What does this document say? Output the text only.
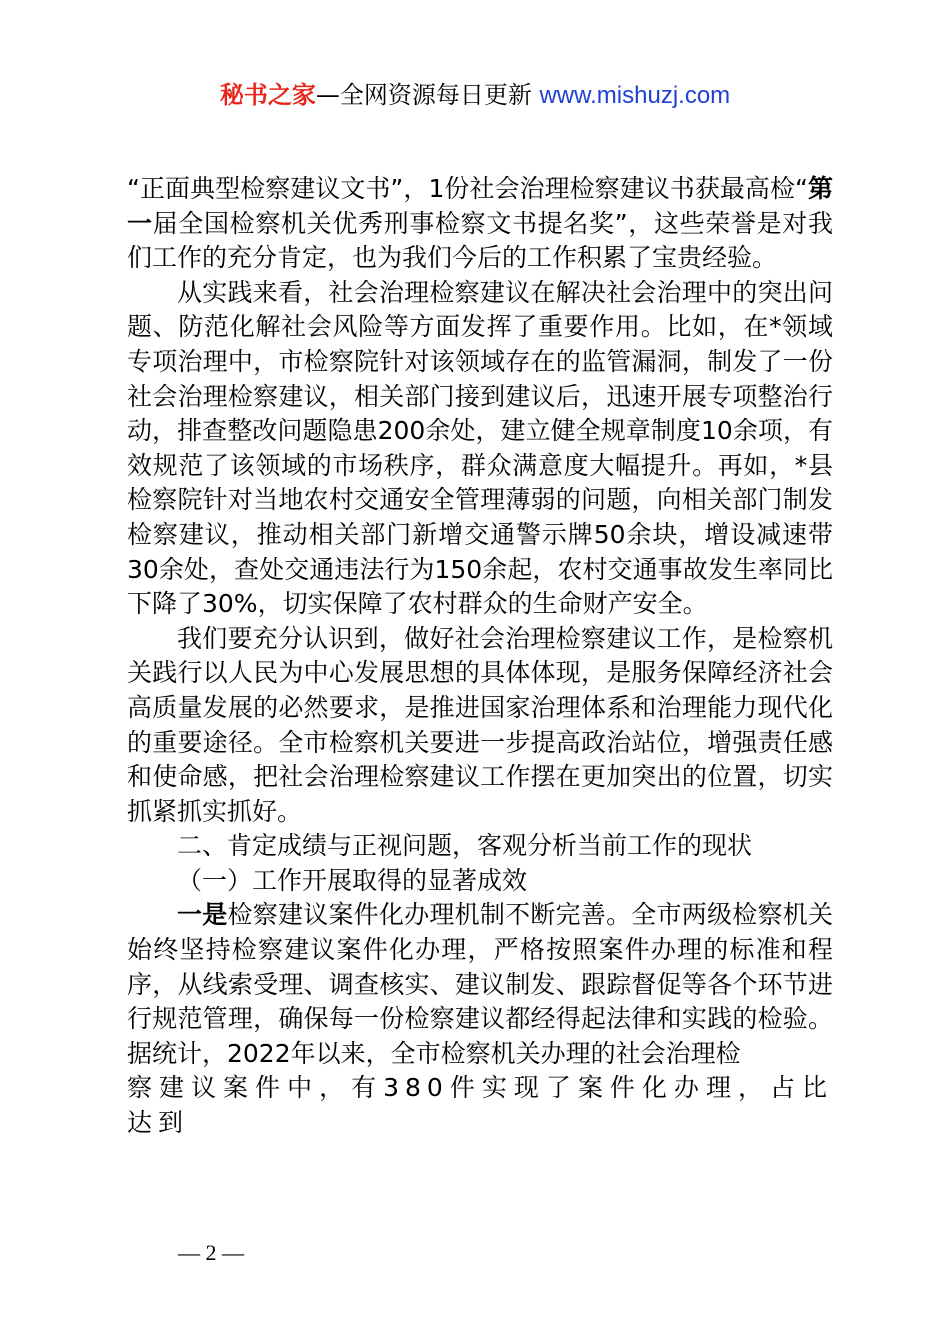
秘书之家—全网资源每日更新 www.mishuzj.com

“正面典型检察建议文书”，1份社会治理检察建议书获最高检“第一届全国检察机关优秀刑事检察文书提名奖”，这些荣誉是对我们工作的充分肯定，也为我们今后的工作积累了宝贵经验。

从实践来看，社会治理检察建议在解决社会治理中的突出问题、防范化解社会风险等方面发挥了重要作用。比如，在*领域专项治理中，市检察院针对该领域存在的监管漏洞，制发了一份社会治理检察建议，相关部门接到建议后，迅速开展专项整治行动，排查整改问题隐患200余处，建立健全规章制度10余项，有效规范了该领域的市场秩序，群众满意度大幅提升。再如，*县检察院针对当地农村交通安全管理薄弱的问题，向相关部门制发检察建议，推动相关部门新增交通警示牌50余块，增设减速带30余处，查处交通违法行为150余起，农村交通事故发生率同比下降了30%，切实保障了农村群众的生命财产安全。

我们要充分认识到，做好社会治理检察建议工作，是检察机关践行以人民为中心发展思想的具体体现，是服务保障经济社会高质量发展的必然要求，是推进国家治理体系和治理能力现代化的重要途径。全市检察机关要进一步提高政治站位，增强责任感和使命感，把社会治理检察建议工作摆在更加突出的位置，切实抓紧抓实抓好。

二、肯定成绩与正视问题，客观分析当前工作的现状

（一）工作开展取得的显著成效

一是检察建议案件化办理机制不断完善。全市两级检察机关始终坚持检察建议案件化办理，严格按照案件办理的标准和程序，从线索受理、调查核实、建议制发、跟踪督促等各个环节进行规范管理，确保每一份检察建议都经得起法律和实践的检验。据统计，2022年以来，全市检察机关办理的社会治理检

察建议案件中，有380件实现了案件化办理，占比达到

— 2 —
